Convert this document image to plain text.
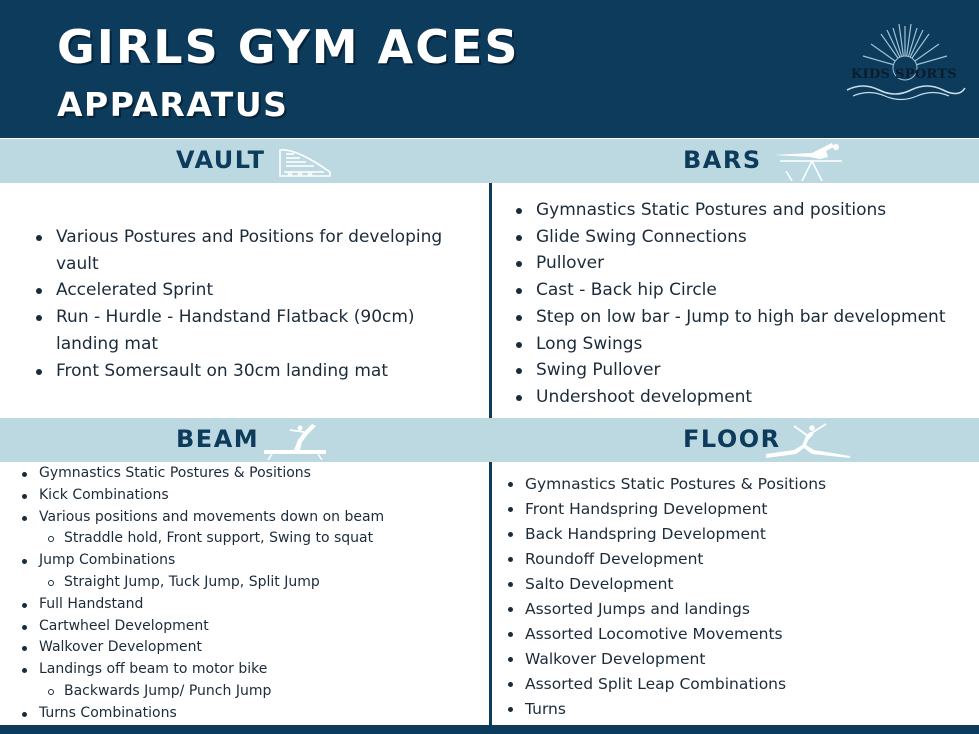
GIRLS GYM ACES
APPARATUS
KIDS SPORTS
VAULT	BARS
Various Postures and Positions for developing vault
Accelerated Sprint
Run - Hurdle - Handstand Flatback (90cm) landing mat
Front Somersault on 30cm landing mat
Gymnastics Static Postures and positions
Glide Swing Connections
Pullover
Cast - Back hip Circle
Step on low bar - Jump to high bar development
Long Swings
Swing Pullover
Undershoot development
BEAM	FLOOR
Gymnastics Static Postures & Positions
Kick Combinations
Various positions and movements down on beam
Straddle hold, Front support, Swing to squat
Jump Combinations
Straight Jump, Tuck Jump, Split Jump
Full Handstand
Cartwheel Development
Walkover Development
Landings off beam to motor bike
Backwards Jump/ Punch Jump
Turns Combinations
Gymnastics Static Postures & Positions
Front Handspring Development
Back Handspring Development
Roundoff Development
Salto Development
Assorted Jumps and landings
Assorted Locomotive Movements
Walkover Development
Assorted Split Leap Combinations
Turns
